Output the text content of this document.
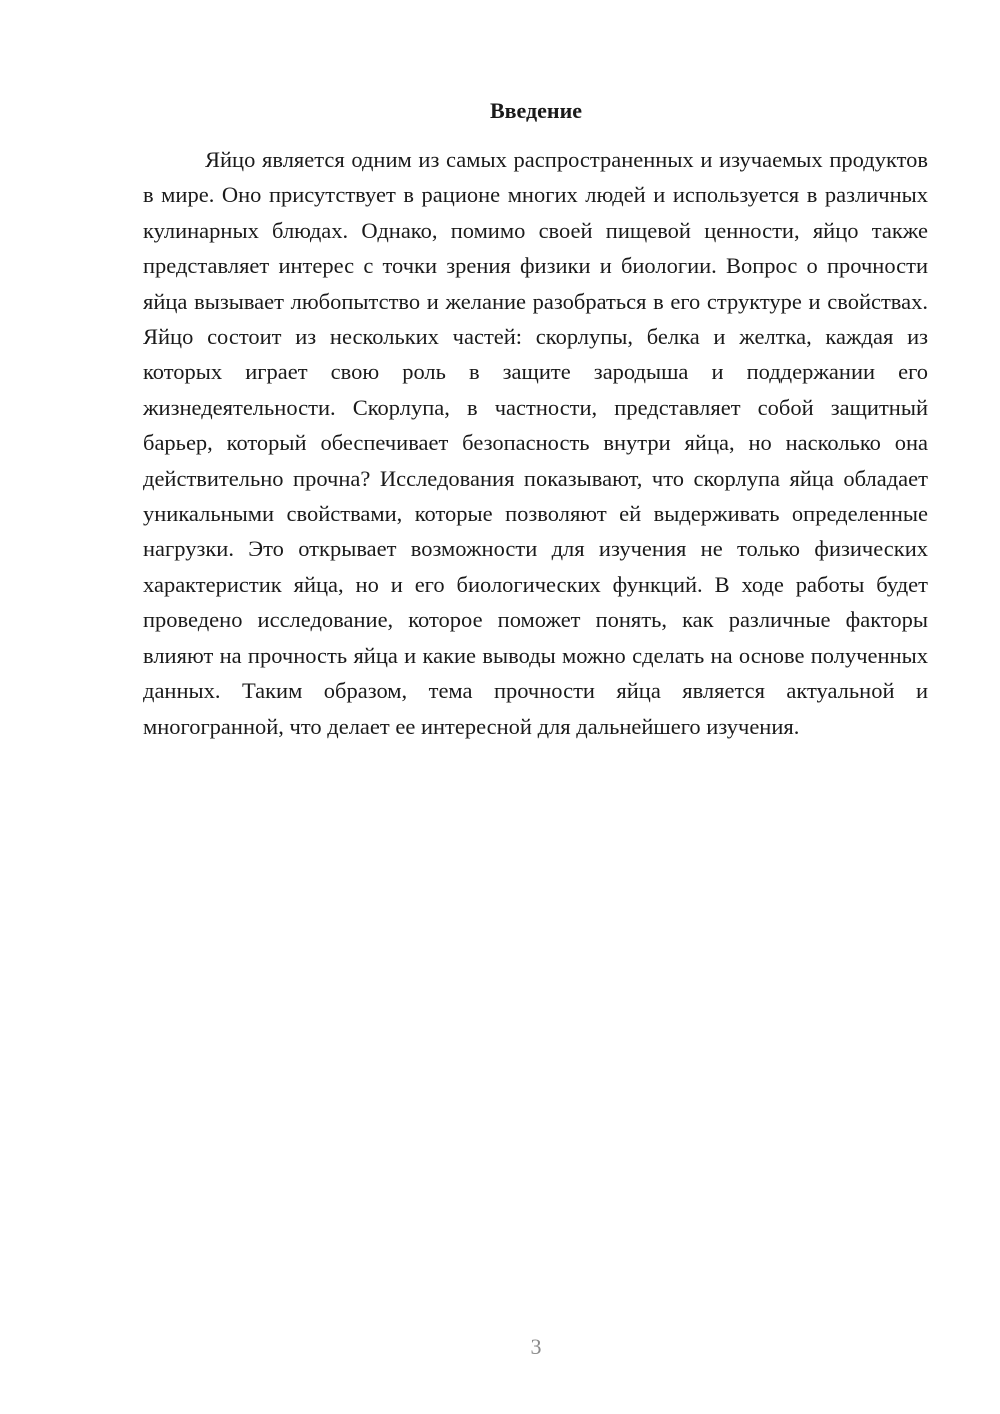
Введение

Яйцо является одним из самых распространенных и изучаемых продуктов в мире. Оно присутствует в рационе многих людей и используется в различных кулинарных блюдах. Однако, помимо своей пищевой ценности, яйцо также представляет интерес с точки зрения физики и биологии. Вопрос о прочности яйца вызывает любопытство и желание разобраться в его структуре и свойствах. Яйцо состоит из нескольких частей: скорлупы, белка и желтка, каждая из которых играет свою роль в защите зародыша и поддержании его жизнедеятельности. Скорлупа, в частности, представляет собой защитный барьер, который обеспечивает безопасность внутри яйца, но насколько она действительно прочна? Исследования показывают, что скорлупа яйца обладает уникальными свойствами, которые позволяют ей выдерживать определенные нагрузки. Это открывает возможности для изучения не только физических характеристик яйца, но и его биологических функций. В ходе работы будет проведено исследование, которое поможет понять, как различные факторы влияют на прочность яйца и какие выводы можно сделать на основе полученных данных. Таким образом, тема прочности яйца является актуальной и многогранной, что делает ее интересной для дальнейшего изучения.

3
